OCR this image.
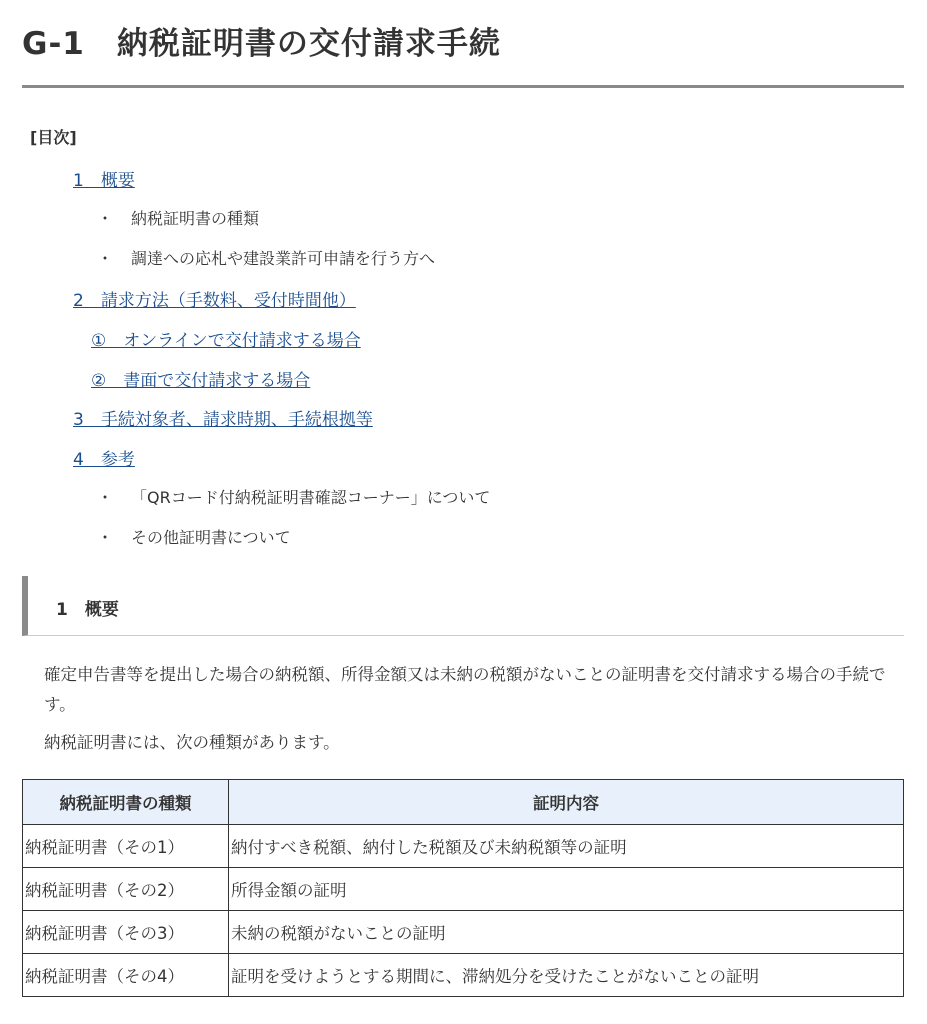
G-1　納税証明書の交付請求手続
[目次]
1　概要
・ 納税証明書の種類
・ 調達への応札や建設業許可申請を行う方へ
2　請求方法（手数料、受付時間他）
①　オンラインで交付請求する場合
②　書面で交付請求する場合
3　手続対象者、請求時期、手続根拠等
4　参考
・ 「QRコード付納税証明書確認コーナー」について
・ その他証明書について
1　概要

確定申告書等を提出した場合の納税額、所得金額又は未納の税額がないことの証明書を交付請求する場合の手続です。

納税証明書には、次の種類があります。

納税証明書の種類	証明内容
納税証明書（その1）	納付すべき税額、納付した税額及び未納税額等の証明
納税証明書（その2）	所得金額の証明
納税証明書（その3）	未納の税額がないことの証明
納税証明書（その4）	証明を受けようとする期間に、滞納処分を受けたことがないことの証明
